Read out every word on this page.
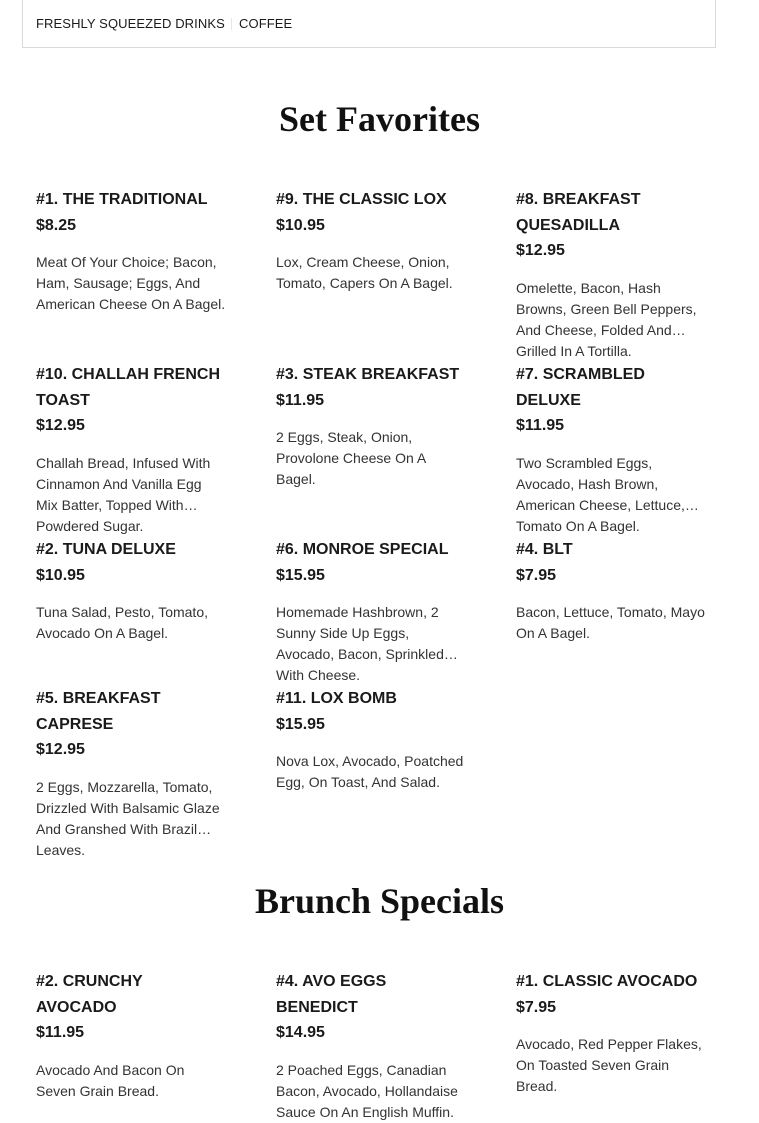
FRESHLY SQUEEZED DRINKS COFFEE
Set Favorites
#1. THE TRADITIONAL
$8.25
Meat Of Your Choice; Bacon, Ham, Sausage; Eggs, And American Cheese On A Bagel.
#9. THE CLASSIC LOX
$10.95
Lox, Cream Cheese, Onion, Tomato, Capers On A Bagel.
#8. BREAKFAST QUESADILLA
$12.95
Omelette, Bacon, Hash Browns, Green Bell Peppers, And Cheese, Folded And Grilled In A Tortilla.
#10. CHALLAH FRENCH TOAST
$12.95
Challah Bread, Infused With Cinnamon And Vanilla Egg Mix Batter, Topped With Powdered Sugar.
#3. STEAK BREAKFAST
$11.95
2 Eggs, Steak, Onion, Provolone Cheese On A Bagel.
#7. SCRAMBLED DELUXE
$11.95
Two Scrambled Eggs, Avocado, Hash Brown, American Cheese, Lettuce, Tomato On A Bagel.
#2. TUNA DELUXE
$10.95
Tuna Salad, Pesto, Tomato, Avocado On A Bagel.
#6. MONROE SPECIAL
$15.95
Homemade Hashbrown, 2 Sunny Side Up Eggs, Avocado, Bacon, Sprinkled With Cheese.
#4. BLT
$7.95
Bacon, Lettuce, Tomato, Mayo On A Bagel.
#5. BREAKFAST CAPRESE
$12.95
2 Eggs, Mozzarella, Tomato, Drizzled With Balsamic Glaze And Granshed With Brazil Leaves.
#11. LOX BOMB
$15.95
Nova Lox, Avocado, Poatched Egg, On Toast, And Salad.
Brunch Specials
#2. CRUNCHY AVOCADO
$11.95
Avocado And Bacon On Seven Grain Bread.
#4. AVO EGGS BENEDICT
$14.95
2 Poached Eggs, Canadian Bacon, Avocado, Hollandaise Sauce On An English Muffin.
#1. CLASSIC AVOCADO
$7.95
Avocado, Red Pepper Flakes, On Toasted Seven Grain Bread.
